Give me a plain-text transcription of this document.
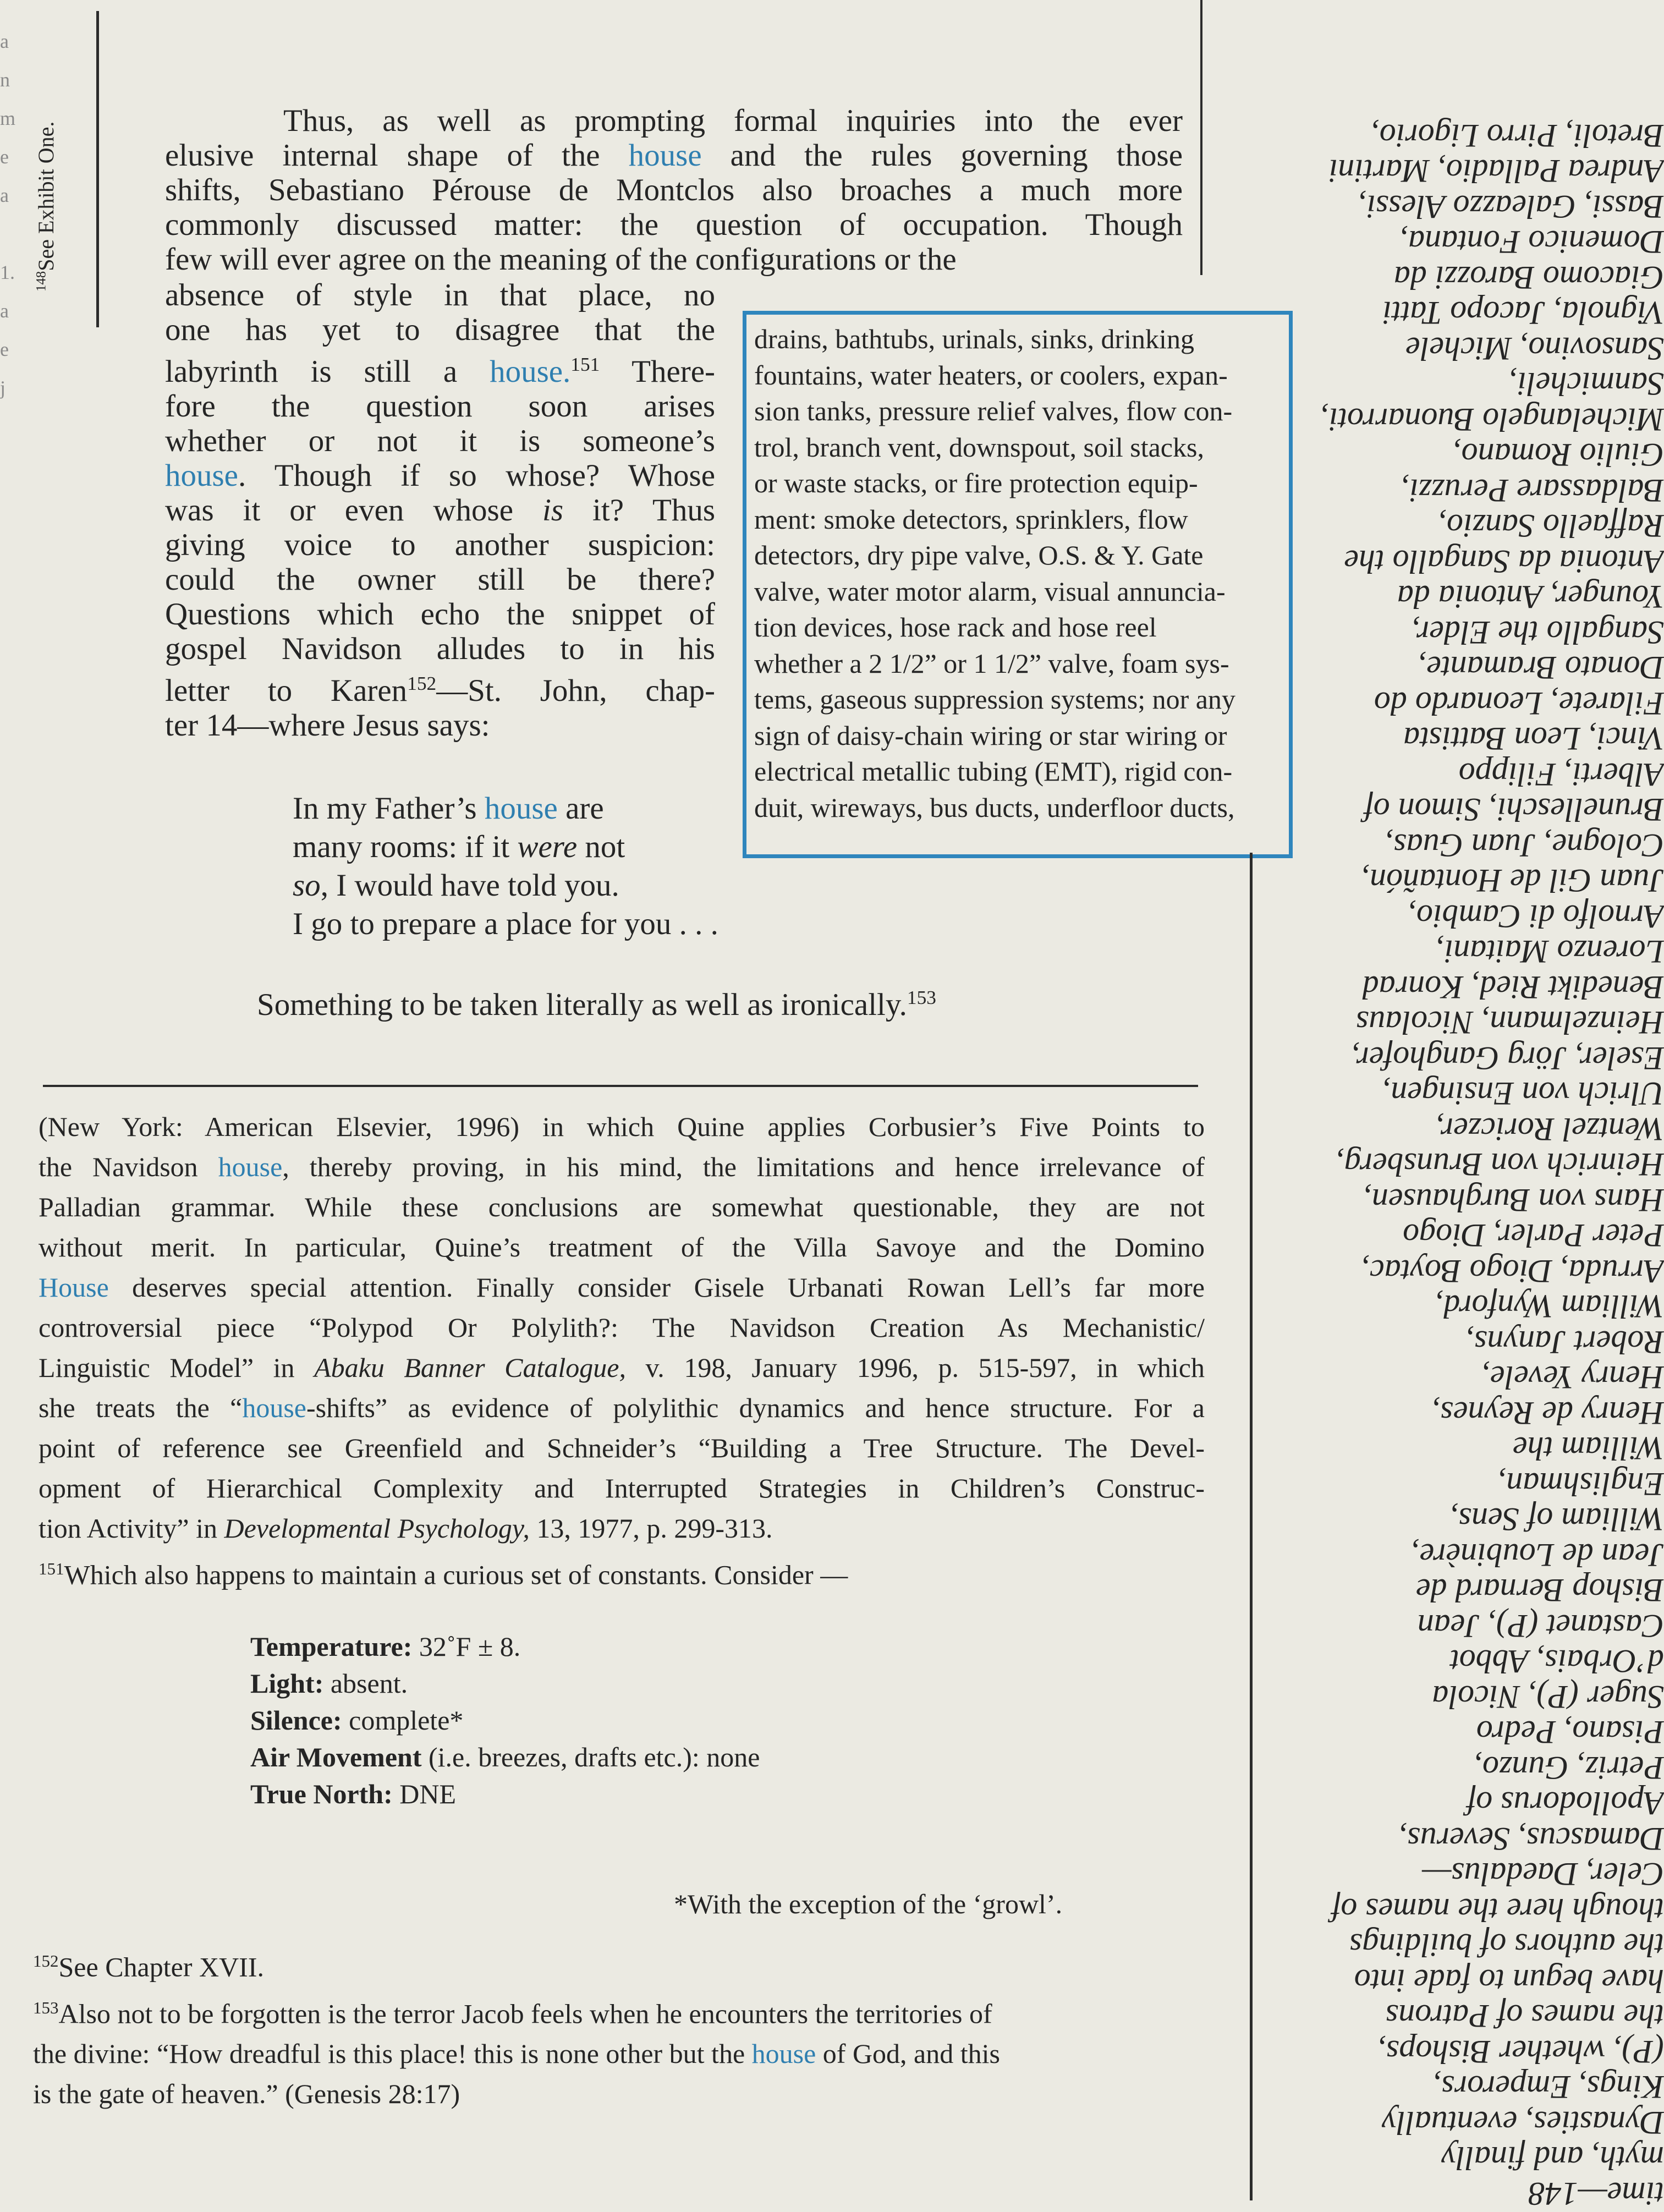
a
n
m
e
a

1.
a
e
j
$^{148}$See Exhibit One.
Thus, as well as prompting formal inquiries into the ever
elusive internal shape of the house and the rules governing those
shifts, Sebastiano Pérouse de Montclos also broaches a much more
commonly discussed matter: the question of occupation. Though
few will ever agree on the meaning of the configurations or the
absence of style in that place, no
one has yet to disagree that the
labyrinth is still a house.$^{151}$ There-
fore the question soon arises
whether or not it is someone’s
house. Though if so whose? Whose
was it or even whose is it? Thus
giving voice to another suspicion:
could the owner still be there?
Questions which echo the snippet of
gospel Navidson alludes to in his
letter to Karen$^{152}$—St. John, chap-
ter 14—where Jesus says:
drains, bathtubs, urinals, sinks, drinking
fountains, water heaters, or coolers, expan-
sion tanks, pressure relief valves, flow con-
trol, branch vent, downspout, soil stacks,
or waste stacks, or fire protection equip-
ment: smoke detectors, sprinklers, flow
detectors, dry pipe valve, O.S. & Y. Gate
valve, water motor alarm, visual annuncia-
tion devices, hose rack and hose reel
whether a 2 1/2” or 1 1/2” valve, foam sys-
tems, gaseous suppression systems; nor any
sign of daisy-chain wiring or star wiring or
electrical metallic tubing (EMT), rigid con-
duit, wireways, bus ducts, underfloor ducts,
In my Father’s house are
many rooms: if it were not
so, I would have told you.
I go to prepare a place for you . . .
Something to be taken literally as well as ironically.$^{153}$
(New York: American Elsevier, 1996) in which Quine applies Corbusier’s Five Points to
the Navidson house, thereby proving, in his mind, the limitations and hence irrelevance of
Palladian grammar. While these conclusions are somewhat questionable, they are not
without merit. In particular, Quine’s treatment of the Villa Savoye and the Domino
House deserves special attention. Finally consider Gisele Urbanati Rowan Lell’s far more
controversial piece “Polypod Or Polylith?: The Navidson Creation As Mechanistic/
Linguistic Model” in Abaku Banner Catalogue, v. 198, January 1996, p. 515-597, in which
she treats the “house-shifts” as evidence of polylithic dynamics and hence structure. For a
point of reference see Greenfield and Schneider’s “Building a Tree Structure. The Devel-
opment of Hierarchical Complexity and Interrupted Strategies in Children’s Construc-
tion Activity” in Developmental Psychology, 13, 1977, p. 299-313.
$^{151}$Which also happens to maintain a curious set of constants. Consider —
Temperature: 32˚F ± 8.
Light: absent.
Silence: complete*
Air Movement (i.e. breezes, drafts etc.): none
True North: DNE
*With the exception of the ‘growl’.
$^{152}$See Chapter XVII.
$^{153}$Also not to be forgotten is the terror Jacob feels when he encounters the territories of
the divine: “How dreadful is this place! this is none other but the house of God, and this
is the gate of heaven.” (Genesis 28:17)
time—148
myth, and finally
Dynasties, eventually
Kings, Emperors,
(P), whether Bishops,
the names of Patrons
have begun to fade into
the authors of buildings
though here the names of
Celer, Daedalus—
Damascus, Severus,
Apollodorus of
Petriz, Gunzo,
Pisano, Pedro
Suger (P), Nicola
d’Orbais, Abbot
Castanet (P), Jean
Bishop Bernard de
Jean de Loubinère,
William of Sens,
Englishman,
William the
Henry de Reynes,
Henry Yevele,
Robert Janyns,
William Wynford,
Arruda, Diogo Boytac,
Peter Parler, Diogo
Hans von Burghausen,
Heinrich von Brunsberg,
Wentzel Roriczer,
Ulrich von Ensingen,
Eseler, Jörg Ganghofer,
Heinzelmann, Nicolaus
Benedikt Ried, Konrad
Lorenzo Maitani,
Arnolfo di Cambio,
Juan Gil de Hontañón,
Cologne, Juan Guas,
Brunelleschi, Simon of
Alberti, Filippo
Vinci, Leon Battista
Filarete, Leonardo do
Donato Bramante,
Sangallo the Elder,
Younger, Antonia da
Antonia da Sangallo the
Raffaello Sanzio,
Baldassare Peruzzi,
Giulio Romano,
Michelangelo Buonarroti,
Sanmicheli,
Sansovino, Michele
Vignola, Jacopo Tatti
Giacomo Barozzi da
Domenico Fontana,
Bassi, Galeazzo Alessi,
Andrea Palladio, Martini
Bretoli, Pirro Ligorio,
